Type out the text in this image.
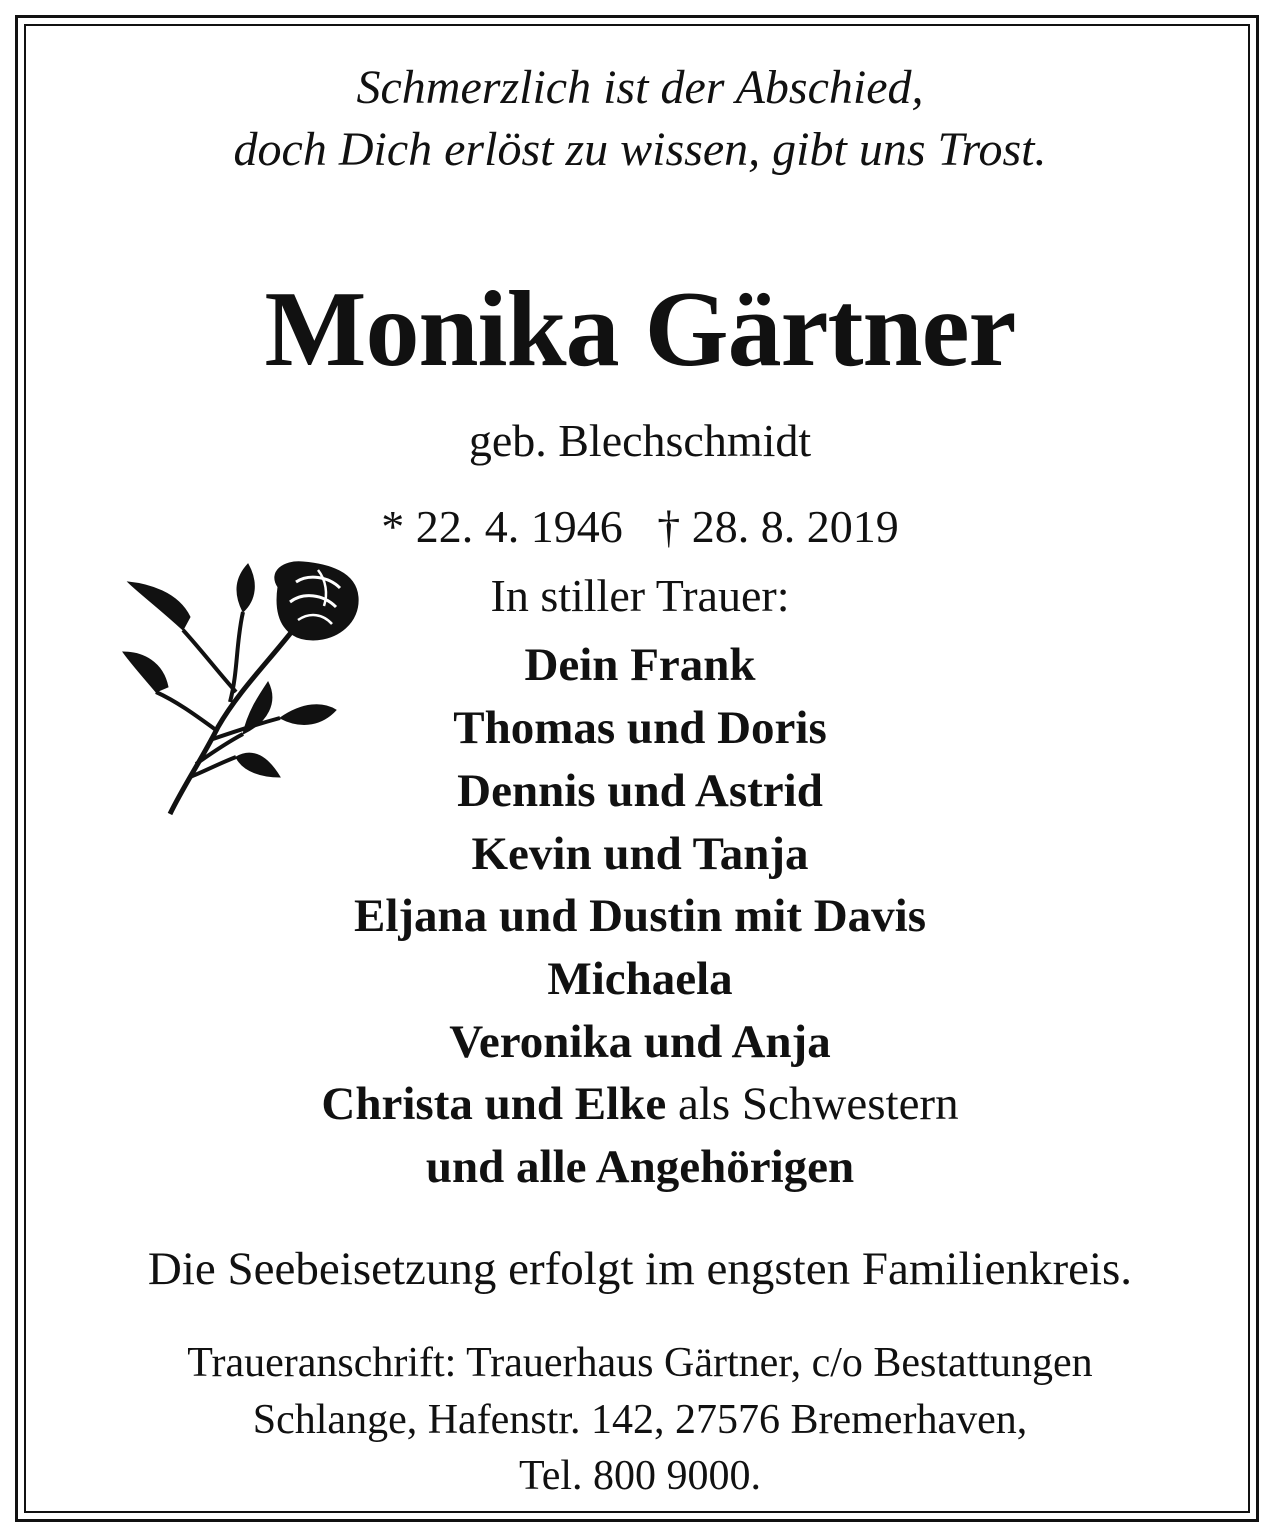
Schmerzlich ist der Abschied,
doch Dich erlöst zu wissen, gibt uns Trost.
Monika Gärtner
geb. Blechschmidt
* 22. 4. 1946   † 28. 8. 2019
In stiller Trauer:
Dein Frank
Thomas und Doris
Dennis und Astrid
Kevin und Tanja
Eljana und Dustin mit Davis
Michaela
Veronika und Anja
Christa und Elke als Schwestern
und alle Angehörigen
Die Seebeisetzung erfolgt im engsten Familienkreis.
Traueranschrift: Trauerhaus Gärtner, c/o Bestattungen
Schlange, Hafenstr. 142, 27576 Bremerhaven,
Tel. 800 9000.
